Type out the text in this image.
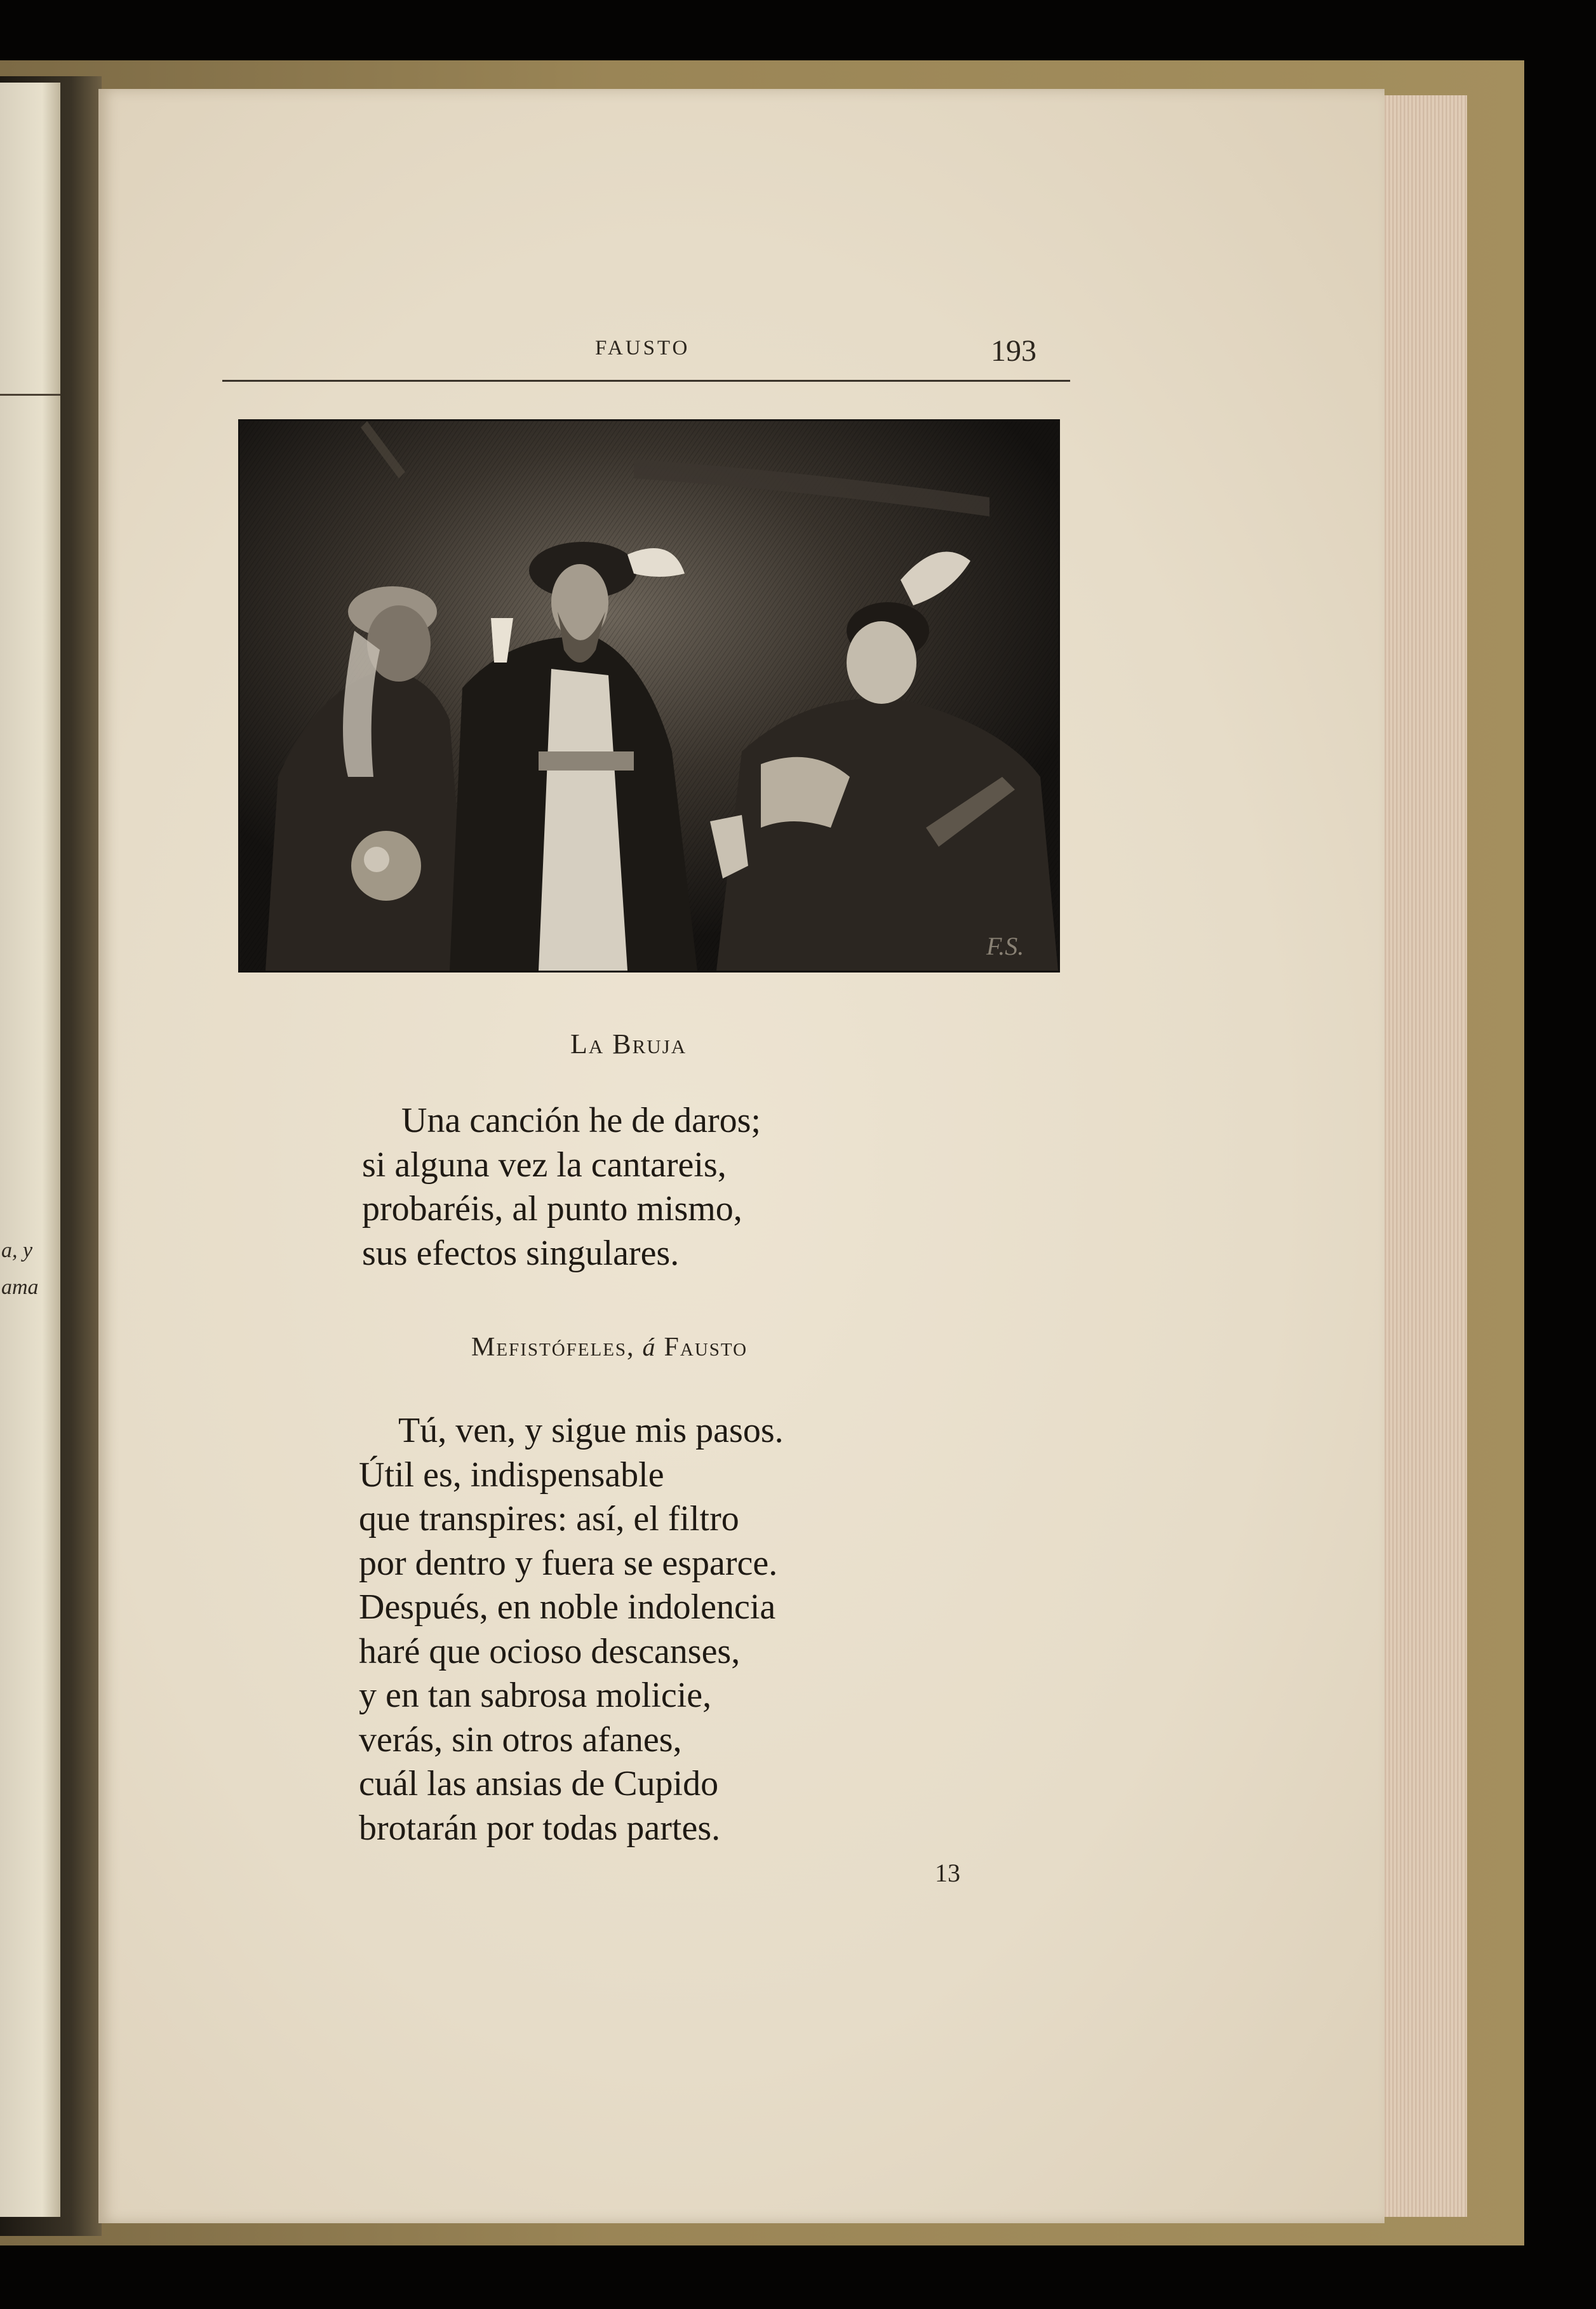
a, y
ama
FAUSTO	193
F.S.
La Bruja
Una canción he de daros;
si alguna vez la cantareis,
probaréis, al punto mismo,
sus efectos singulares.
Mefistófeles, á Fausto
Tú, ven, y sigue mis pasos.
Útil es, indispensable
que transpires: así, el filtro
por dentro y fuera se esparce.
Después, en noble indolencia
haré que ocioso descanses,
y en tan sabrosa molicie,
verás, sin otros afanes,
cuál las ansias de Cupido
brotarán por todas partes.
13
